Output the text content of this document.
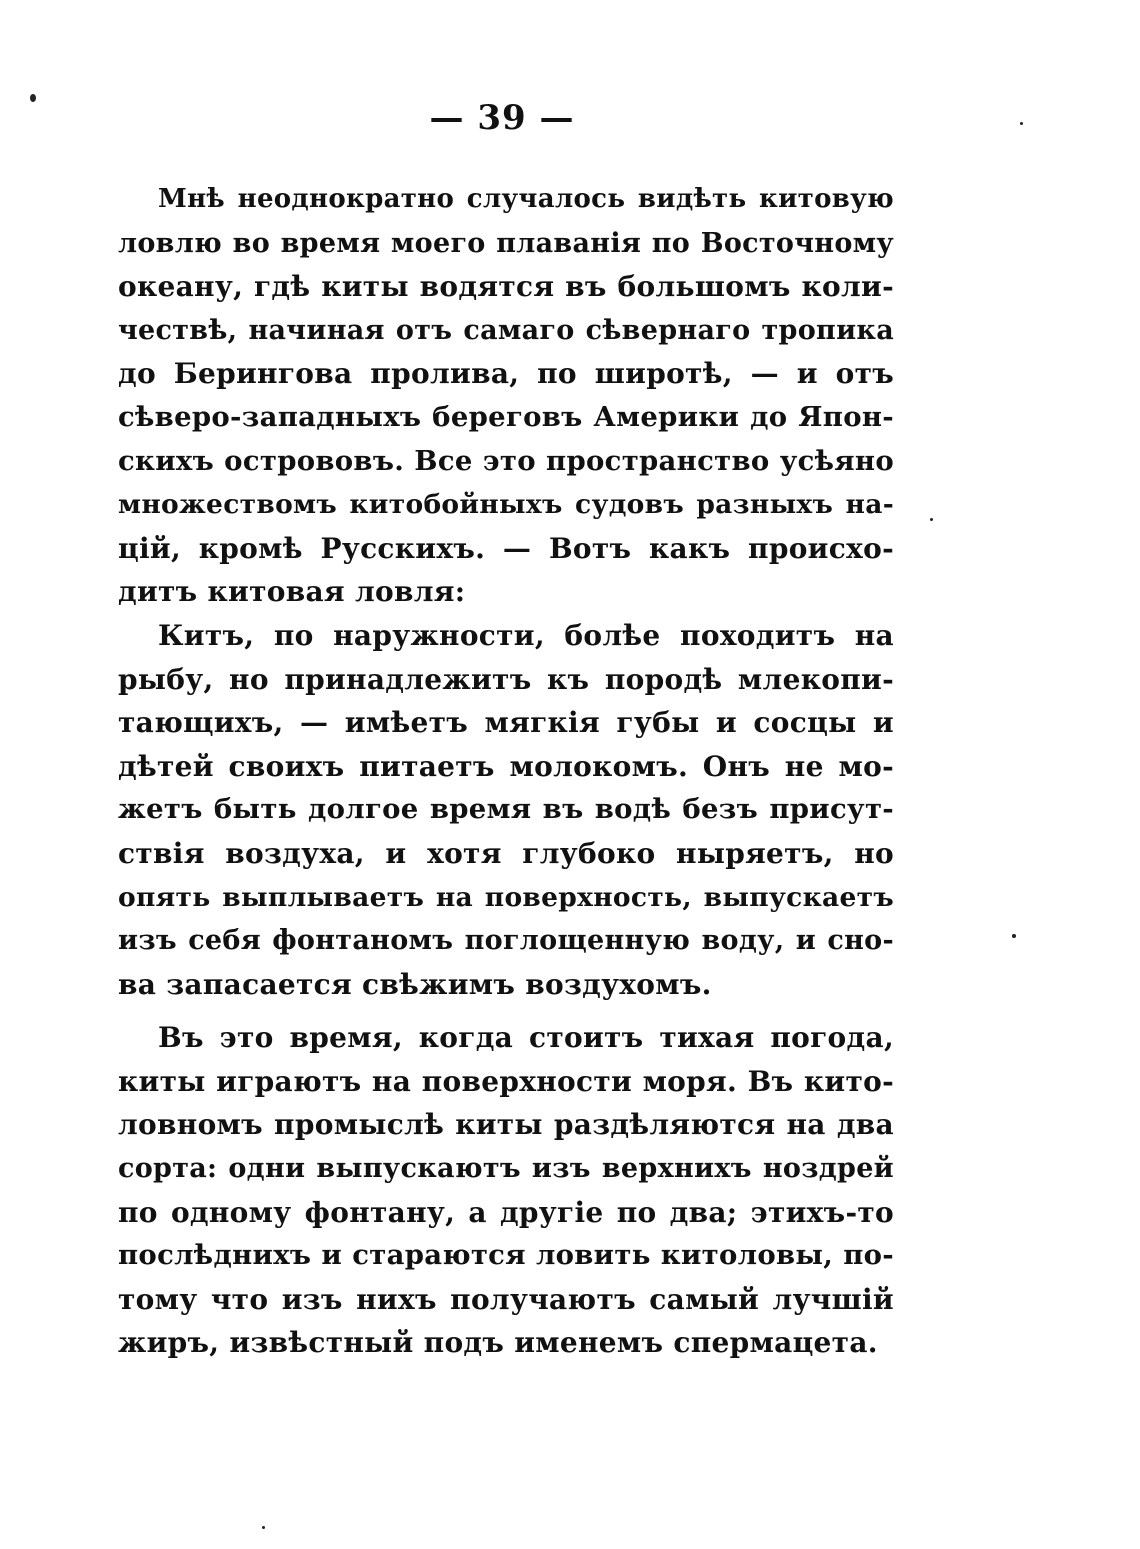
— 39 —
Мнѣ неоднократно случалось видѣть китовую
ловлю во время моего плаванія по Восточному
океану, гдѣ киты водятся въ большомъ коли-
чествѣ, начиная отъ самаго сѣвернаго тропика
до Берингова пролива, по широтѣ, — и отъ
сѣверо-западныхъ береговъ Америки до Япон-
скихъ острововъ. Все это пространство усѣяно
множествомъ китобойныхъ судовъ разныхъ на-
цій, кромѣ Русскихъ. — Вотъ какъ происхо-
дитъ китовая ловля:
Китъ, по наружности, болѣе походитъ на
рыбу, но принадлежитъ къ породѣ млекопи-
тающихъ, — имѣетъ мягкія губы и сосцы и
дѣтей своихъ питаетъ молокомъ. Онъ не мо-
жетъ быть долгое время въ водѣ безъ присут-
ствія воздуха, и хотя глубоко ныряетъ, но
опять выплываетъ на поверхность, выпускаетъ
изъ себя фонтаномъ поглощенную воду, и сно-
ва запасается свѣжимъ воздухомъ.
Въ это время, когда стоитъ тихая погода,
киты играютъ на поверхности моря. Въ кито-
ловномъ промыслѣ киты раздѣляются на два
сорта: одни выпускаютъ изъ верхнихъ ноздрей
по одному фонтану, а другіе по два; этихъ-то
послѣднихъ и стараются ловить китоловы, по-
тому что изъ нихъ получаютъ самый лучшій
жиръ, извѣстный подъ именемъ спермацета.
